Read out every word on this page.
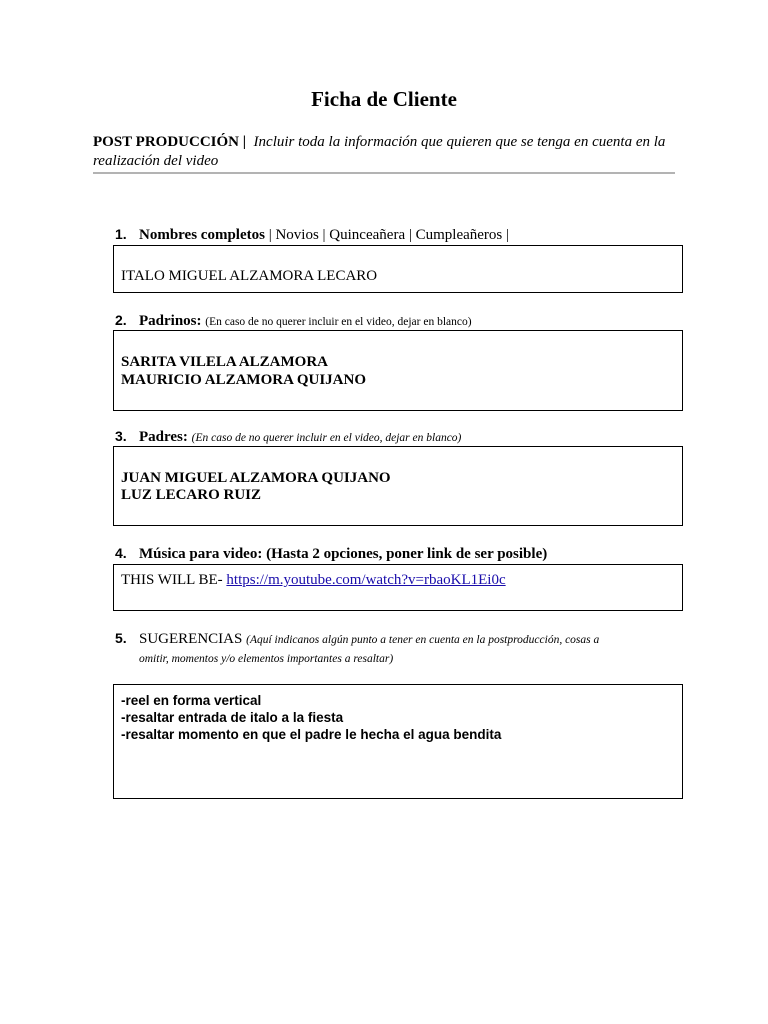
Ficha de Cliente
POST PRODUCCIÓN | Incluir toda la información que quieren que se tenga en cuenta en la realización del video
1. Nombres completos | Novios | Quinceañera | Cumpleañeros |
ITALO MIGUEL ALZAMORA LECARO
2. Padrinos: (En caso de no querer incluir en el video, dejar en blanco)
SARITA VILELA ALZAMORA
MAURICIO ALZAMORA QUIJANO
3. Padres: (En caso de no querer incluir en el video, dejar en blanco)
JUAN MIGUEL ALZAMORA QUIJANO
LUZ LECARO RUIZ
4. Música para video: (Hasta 2 opciones, poner link de ser posible)
THIS WILL BE- https://m.youtube.com/watch?v=rbaoKL1Ei0c
5. SUGERENCIAS (Aquí indicanos algún punto a tener en cuenta en la postproducción, cosas a
omitir, momentos y/o elementos importantes a resaltar)
-reel en forma vertical
-resaltar entrada de italo a la fiesta
-resaltar momento en que el padre le hecha el agua bendita
